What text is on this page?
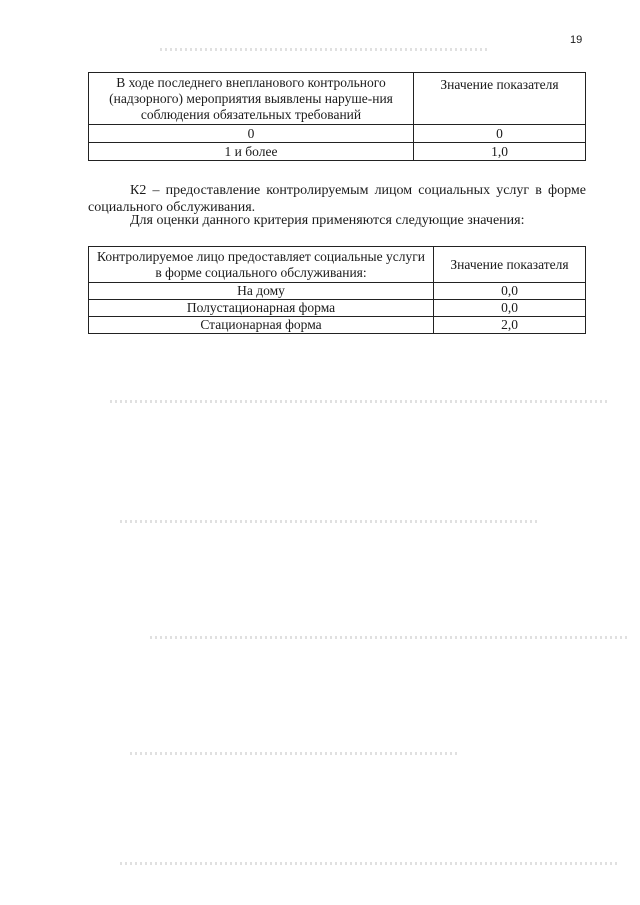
19
В ходе последнего внепланового контрольного (надзорного) мероприятия выявлены наруше-ния соблюдения обязательных требований	Значение показателя
0	0
1 и более	1,0
К2 – предоставление контролируемым лицом социальных услуг в форме социального обслуживания.
Для оценки данного критерия применяются следующие значения:
Контролируемое лицо предоставляет социальные услуги в форме социального обслуживания:	Значение показателя
На дому	0,0
Полустационарная форма	0,0
Стационарная форма	2,0
